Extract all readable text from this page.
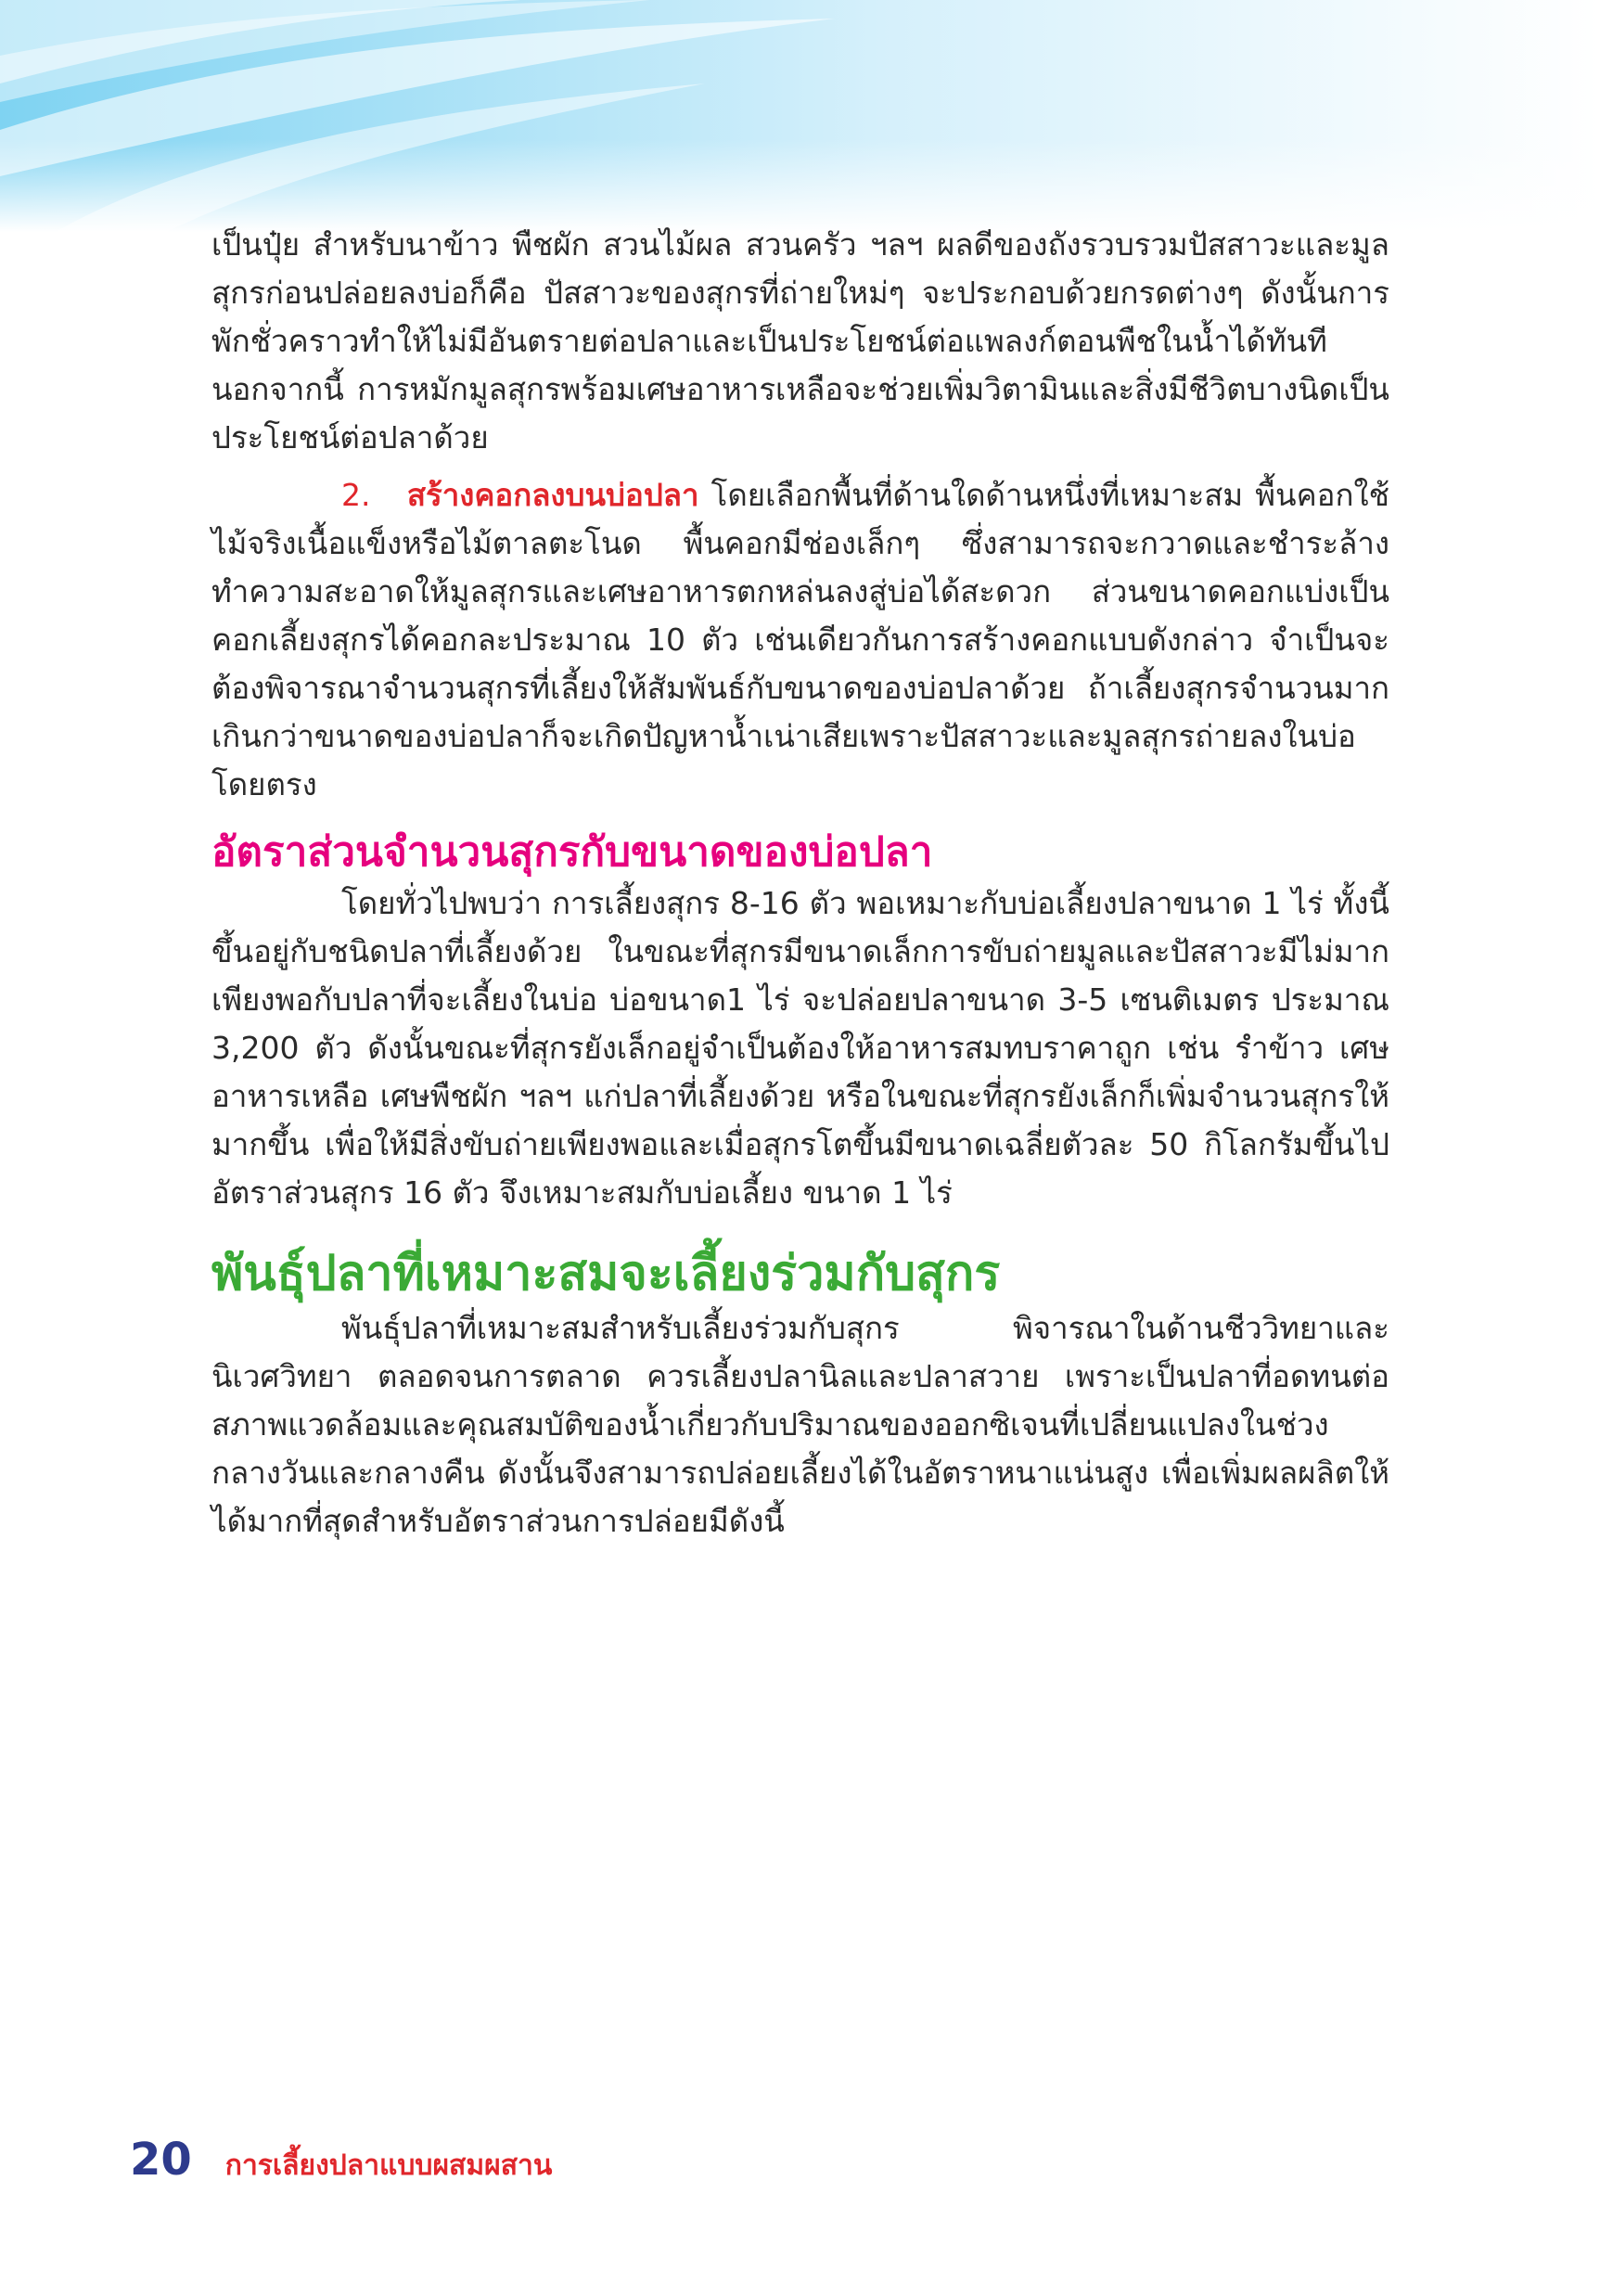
เป็นปุ๋ย สำหรับนาข้าว พืชผัก สวนไม้ผล สวนครัว ฯลฯ ผลดีของถังรวบรวมปัสสาวะและมูลสุกรก่อนปล่อยลงบ่อก็คือ ปัสสาวะของสุกรที่ถ่ายใหม่ๆ จะประกอบด้วยกรดต่างๆ ดังนั้นการพักชั่วคราวทำให้ไม่มีอันตรายต่อปลาและเป็นประโยชน์ต่อแพลงก์ตอนพืชในน้ำได้ทันที นอกจากนี้ การหมักมูลสุกรพร้อมเศษอาหารเหลือจะช่วยเพิ่มวิตามินและสิ่งมีชีวิตบางนิดเป็นประโยชน์ต่อปลาด้วย

2. สร้างคอกลงบนบ่อปลา โดยเลือกพื้นที่ด้านใดด้านหนึ่งที่เหมาะสม พื้นคอกใช้ไม้จริงเนื้อแข็งหรือไม้ตาลตะโนด พื้นคอกมีช่องเล็กๆ ซึ่งสามารถจะกวาดและชำระล้างทำความสะอาดให้มูลสุกรและเศษอาหารตกหล่นลงสู่บ่อได้สะดวก ส่วนขนาดคอกแบ่งเป็นคอกเลี้ยงสุกรได้คอกละประมาณ 10 ตัว เช่นเดียวกันการสร้างคอกแบบดังกล่าว จำเป็นจะต้องพิจารณาจำนวนสุกรที่เลี้ยงให้สัมพันธ์กับขนาดของบ่อปลาด้วย ถ้าเลี้ยงสุกรจำนวนมากเกินกว่าขนาดของบ่อปลาก็จะเกิดปัญหาน้ำเน่าเสียเพราะปัสสาวะและมูลสุกรถ่ายลงในบ่อโดยตรง

อัตราส่วนจำนวนสุกรกับขนาดของบ่อปลา

โดยทั่วไปพบว่า การเลี้ยงสุกร 8-16 ตัว พอเหมาะกับบ่อเลี้ยงปลาขนาด 1 ไร่ ทั้งนี้ขึ้นอยู่กับชนิดปลาที่เลี้ยงด้วย ในขณะที่สุกรมีขนาดเล็กการขับถ่ายมูลและปัสสาวะมีไม่มากเพียงพอกับปลาที่จะเลี้ยงในบ่อ บ่อขนาด1 ไร่ จะปล่อยปลาขนาด 3-5 เซนติเมตร ประมาณ 3,200 ตัว ดังนั้นขณะที่สุกรยังเล็กอยู่จำเป็นต้องให้อาหารสมทบราคาถูก เช่น รำข้าว เศษอาหารเหลือ เศษพืชผัก ฯลฯ แก่ปลาที่เลี้ยงด้วย หรือในขณะที่สุกรยังเล็กก็เพิ่มจำนวนสุกรให้มากขึ้น เพื่อให้มีสิ่งขับถ่ายเพียงพอและเมื่อสุกรโตขึ้นมีขนาดเฉลี่ยตัวละ 50 กิโลกรัมขึ้นไป อัตราส่วนสุกร 16 ตัว จึงเหมาะสมกับบ่อเลี้ยง ขนาด 1 ไร่

พันธุ์ปลาที่เหมาะสมจะเลี้ยงร่วมกับสุกร

พันธุ์ปลาที่เหมาะสมสำหรับเลี้ยงร่วมกับสุกร พิจารณาในด้านชีววิทยาและนิเวศวิทยา ตลอดจนการตลาด ควรเลี้ยงปลานิลและปลาสวาย เพราะเป็นปลาที่อดทนต่อสภาพแวดล้อมและคุณสมบัติของน้ำเกี่ยวกับปริมาณของออกซิเจนที่เปลี่ยนแปลงในช่วงกลางวันและกลางคืน ดังนั้นจึงสามารถปล่อยเลี้ยงได้ในอัตราหนาแน่นสูง เพื่อเพิ่มผลผลิตให้ได้มากที่สุดสำหรับอัตราส่วนการปล่อยมีดังนี้

20 การเลี้ยงปลาแบบผสมผสาน
